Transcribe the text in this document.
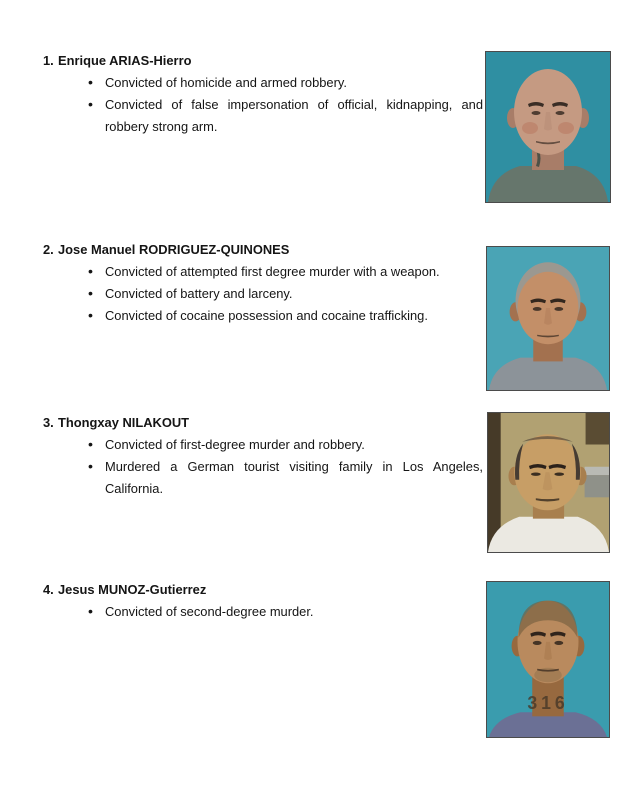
1. Enrique ARIAS-Hierro
• Convicted of homicide and armed robbery.
• Convicted of false impersonation of official, kidnapping, and robbery strong arm.
2. Jose Manuel RODRIGUEZ-QUINONES
• Convicted of attempted first degree murder with a weapon.
• Convicted of battery and larceny.
• Convicted of cocaine possession and cocaine trafficking.
3. Thongxay NILAKOUT
• Convicted of first-degree murder and robbery.
• Murdered a German tourist visiting family in Los Angeles, California.
4. Jesus MUNOZ-Gutierrez
• Convicted of second-degree murder.
316
